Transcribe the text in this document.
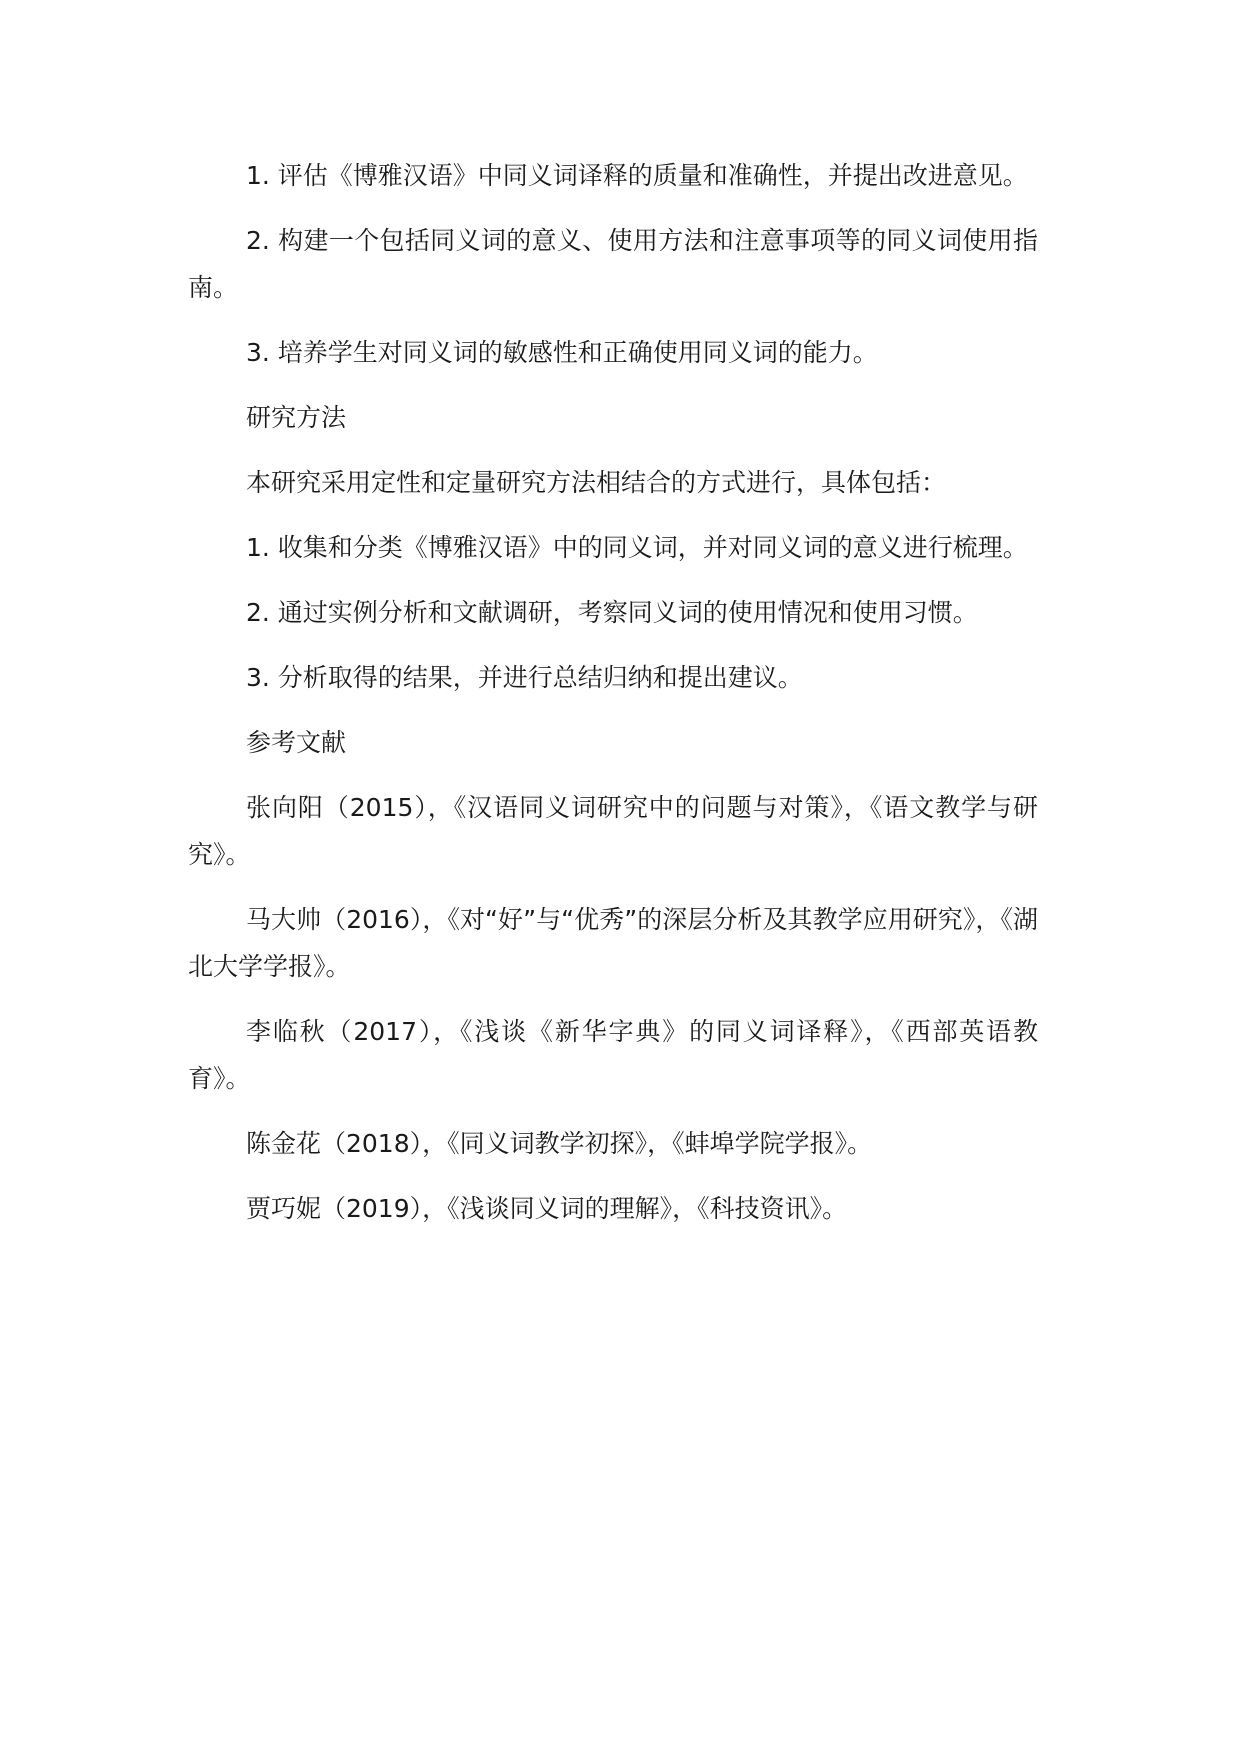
1. 评估《博雅汉语》中同义词译释的质量和准确性，并提出改进意见。

2. 构建一个包括同义词的意义、使用方法和注意事项等的同义词使用指南。

3. 培养学生对同义词的敏感性和正确使用同义词的能力。

研究方法

本研究采用定性和定量研究方法相结合的方式进行，具体包括：

1. 收集和分类《博雅汉语》中的同义词，并对同义词的意义进行梳理。

2. 通过实例分析和文献调研，考察同义词的使用情况和使用习惯。

3. 分析取得的结果，并进行总结归纳和提出建议。

参考文献

张向阳（2015），《汉语同义词研究中的问题与对策》，《语文教学与研究》。

马大帅（2016），《对“好”与“优秀”的深层分析及其教学应用研究》，《湖北大学学报》。

李临秋（2017），《浅谈《新华字典》的同义词译释》，《西部英语教育》。

陈金花（2018），《同义词教学初探》，《蚌埠学院学报》。

贾巧妮（2019），《浅谈同义词的理解》，《科技资讯》。
